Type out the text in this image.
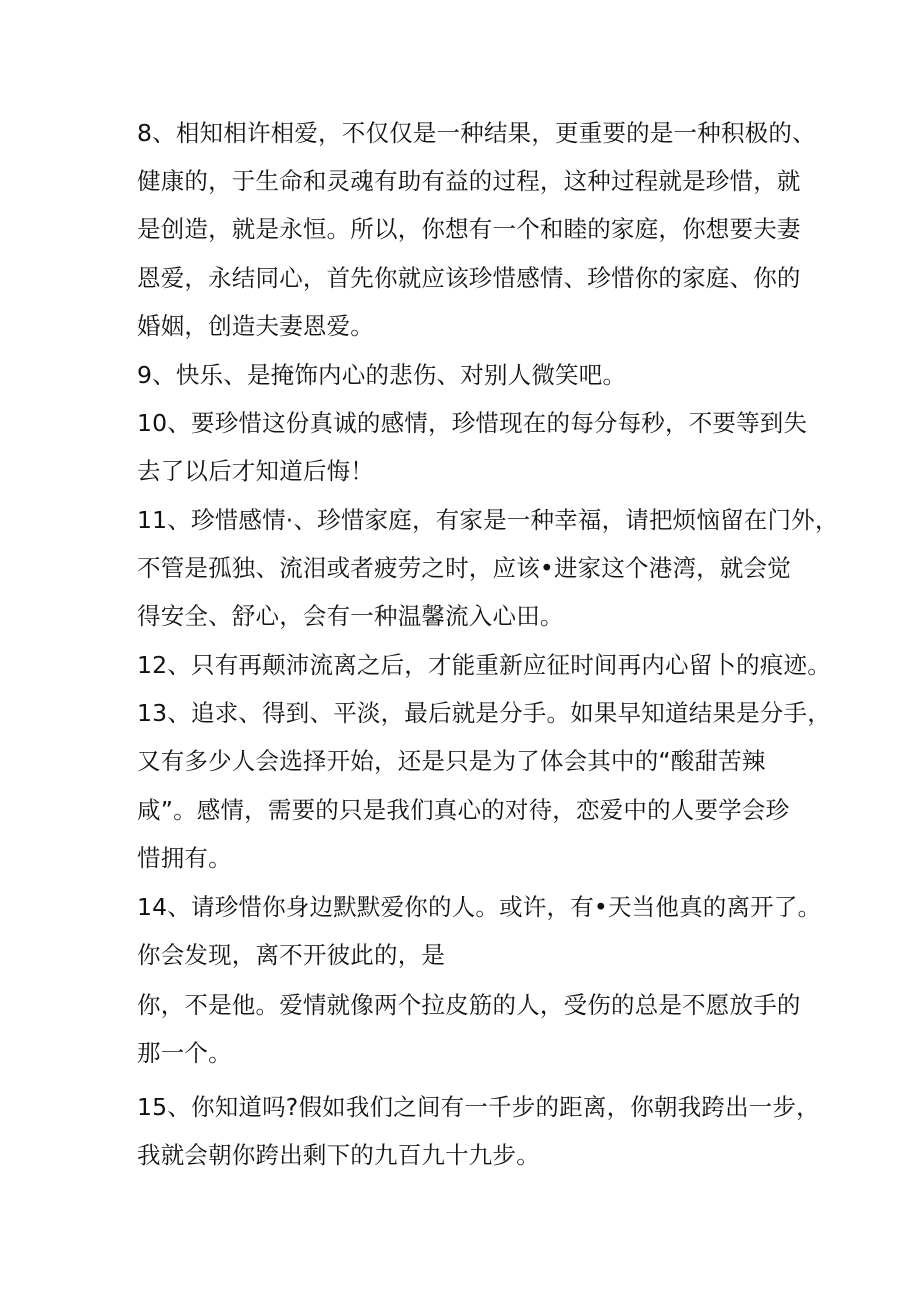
8、相知相许相爱，不仅仅是一种结果，更重要的是一种积极的、

健康的，于生命和灵魂有助有益的过程，这种过程就是珍惜，就

是创造，就是永恒。所以，你想有一个和睦的家庭，你想要夫妻

恩爱，永结同心，首先你就应该珍惜感情、珍惜你的家庭、你的

婚姻，创造夫妻恩爱。

9、快乐、是掩饰内心的悲伤、对别人微笑吧。

10、要珍惜这份真诚的感情，珍惜现在的每分每秒，不要等到失

去了以后才知道后悔！

11、珍惜感情·、珍惜家庭，有家是一种幸福，请把烦恼留在门外，

不管是孤独、流泪或者疲劳之时，应该•进家这个港湾，就会觉

得安全、舒心，会有一种温馨流入心田。

12、只有再颠沛流离之后，才能重新应征时间再内心留卜的痕迹。

13、追求、得到、平淡，最后就是分手。如果早知道结果是分手，

又有多少人会选择开始，还是只是为了体会其中的“酸甜苦辣

咸”。感情，需要的只是我们真心的对待，恋爱中的人要学会珍

惜拥有。

14、请珍惜你身边默默爱你的人。或许，有•天当他真的离开了。

你会发现，离不开彼此的，是

你，不是他。爱情就像两个拉皮筋的人，受伤的总是不愿放手的

那一个。

15、你知道吗?假如我们之间有一千步的距离，你朝我跨出一步，

我就会朝你跨出剩下的九百九十九步。
